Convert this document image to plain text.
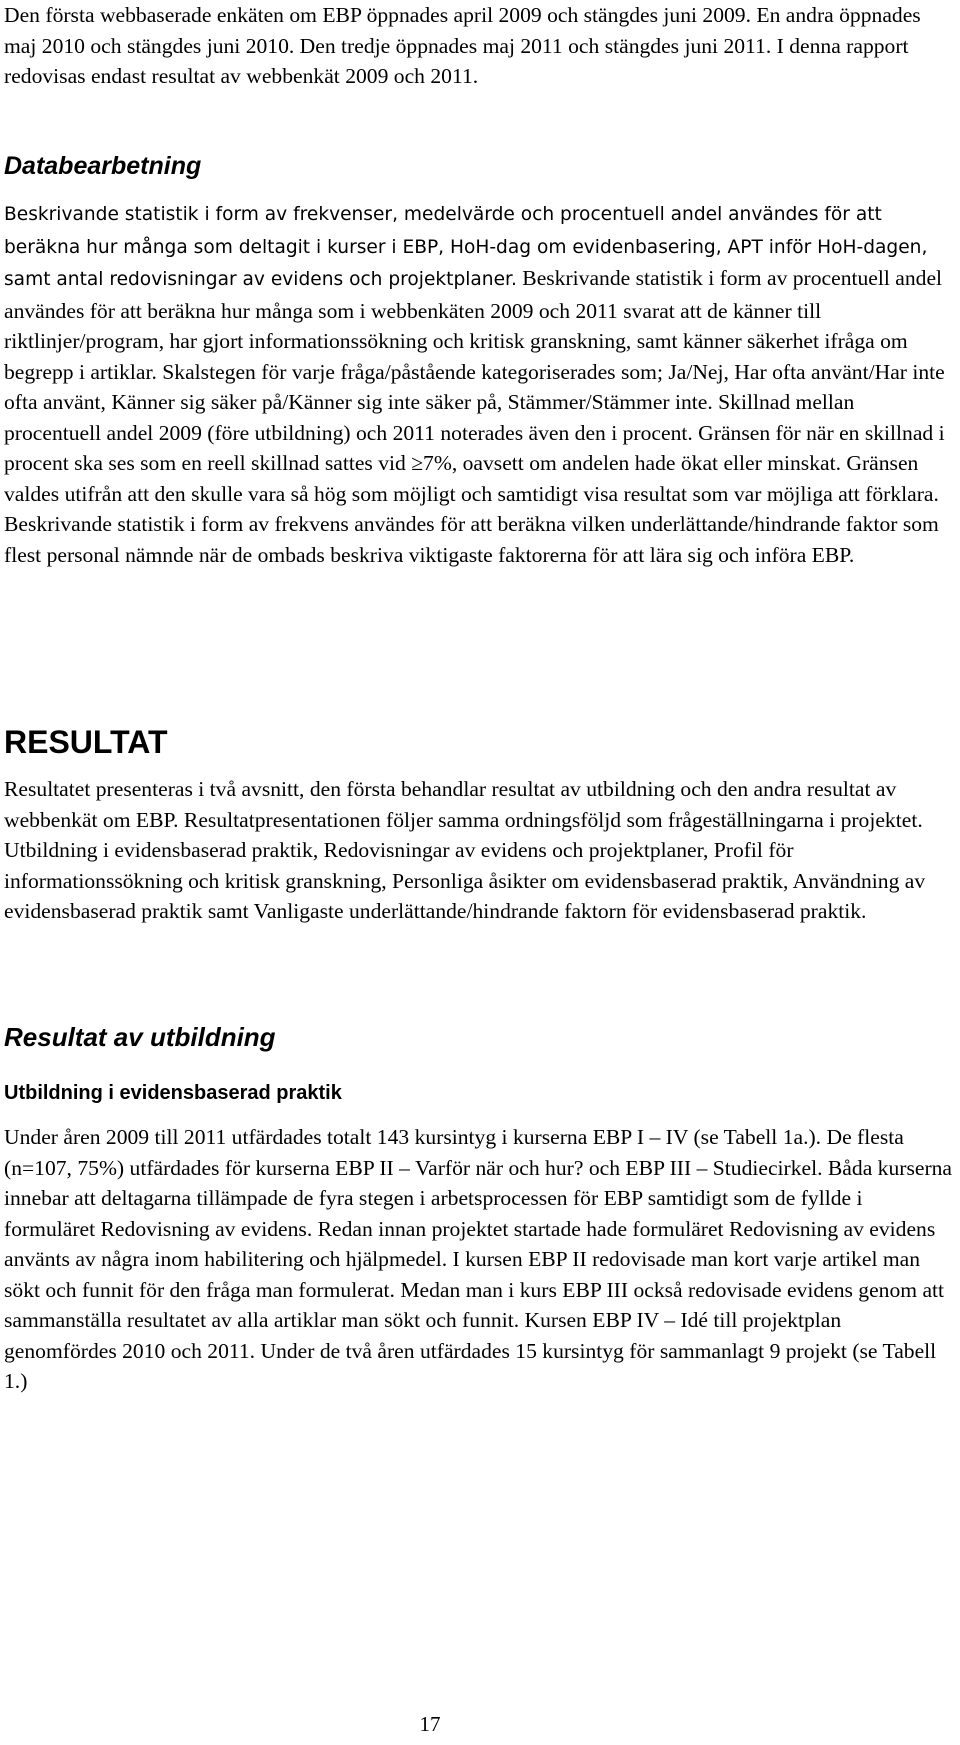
Den första webbaserade enkäten om EBP öppnades april 2009 och stängdes juni 2009. En andra öppnades maj 2010 och stängdes juni 2010. Den tredje öppnades maj 2011 och stängdes juni 2011. I denna rapport redovisas endast resultat av webbenkät 2009 och 2011.

Databearbetning

Beskrivande statistik i form av frekvenser, medelvärde och procentuell andel användes för att beräkna hur många som deltagit i kurser i EBP, HoH-dag om evidenbasering, APT inför HoH-dagen, samt antal redovisningar av evidens och projektplaner. Beskrivande statistik i form av procentuell andel användes för att beräkna hur många som i webbenkäten 2009 och 2011 svarat att de känner till riktlinjer/program, har gjort informationssökning och kritisk granskning, samt känner säkerhet ifråga om begrepp i artiklar. Skalstegen för varje fråga/påstående kategoriserades som; Ja/Nej, Har ofta använt/Har inte ofta använt, Känner sig säker på/Känner sig inte säker på, Stämmer/Stämmer inte. Skillnad mellan procentuell andel 2009 (före utbildning) och 2011 noterades även den i procent. Gränsen för när en skillnad i procent ska ses som en reell skillnad sattes vid ≥7%, oavsett om andelen hade ökat eller minskat. Gränsen valdes utifrån att den skulle vara så hög som möjligt och samtidigt visa resultat som var möjliga att förklara. Beskrivande statistik i form av frekvens användes för att beräkna vilken underlättande/hindrande faktor som flest personal nämnde när de ombads beskriva viktigaste faktorerna för att lära sig och införa EBP.

RESULTAT

Resultatet presenteras i två avsnitt, den första behandlar resultat av utbildning och den andra resultat av webbenkät om EBP. Resultatpresentationen följer samma ordningsföljd som frågeställningarna i projektet. Utbildning i evidensbaserad praktik, Redovisningar av evidens och projektplaner, Profil för informationssökning och kritisk granskning, Personliga åsikter om evidensbaserad praktik, Användning av evidensbaserad praktik samt Vanligaste underlättande/hindrande faktorn för evidensbaserad praktik.

Resultat av utbildning
Utbildning i evidensbaserad praktik

Under åren 2009 till 2011 utfärdades totalt 143 kursintyg i kurserna EBP I – IV (se Tabell 1a.). De flesta (n=107, 75%) utfärdades för kurserna EBP II – Varför när och hur? och EBP III – Studiecirkel. Båda kurserna innebar att deltagarna tillämpade de fyra stegen i arbetsprocessen för EBP samtidigt som de fyllde i formuläret Redovisning av evidens. Redan innan projektet startade hade formuläret Redovisning av evidens använts av några inom habilitering och hjälpmedel. I kursen EBP II redovisade man kort varje artikel man sökt och funnit för den fråga man formulerat. Medan man i kurs EBP III också redovisade evidens genom att sammanställa resultatet av alla artiklar man sökt och funnit. Kursen EBP IV – Idé till projektplan genomfördes 2010 och 2011. Under de två åren utfärdades 15 kursintyg för sammanlagt 9 projekt (se Tabell 1.)

17
